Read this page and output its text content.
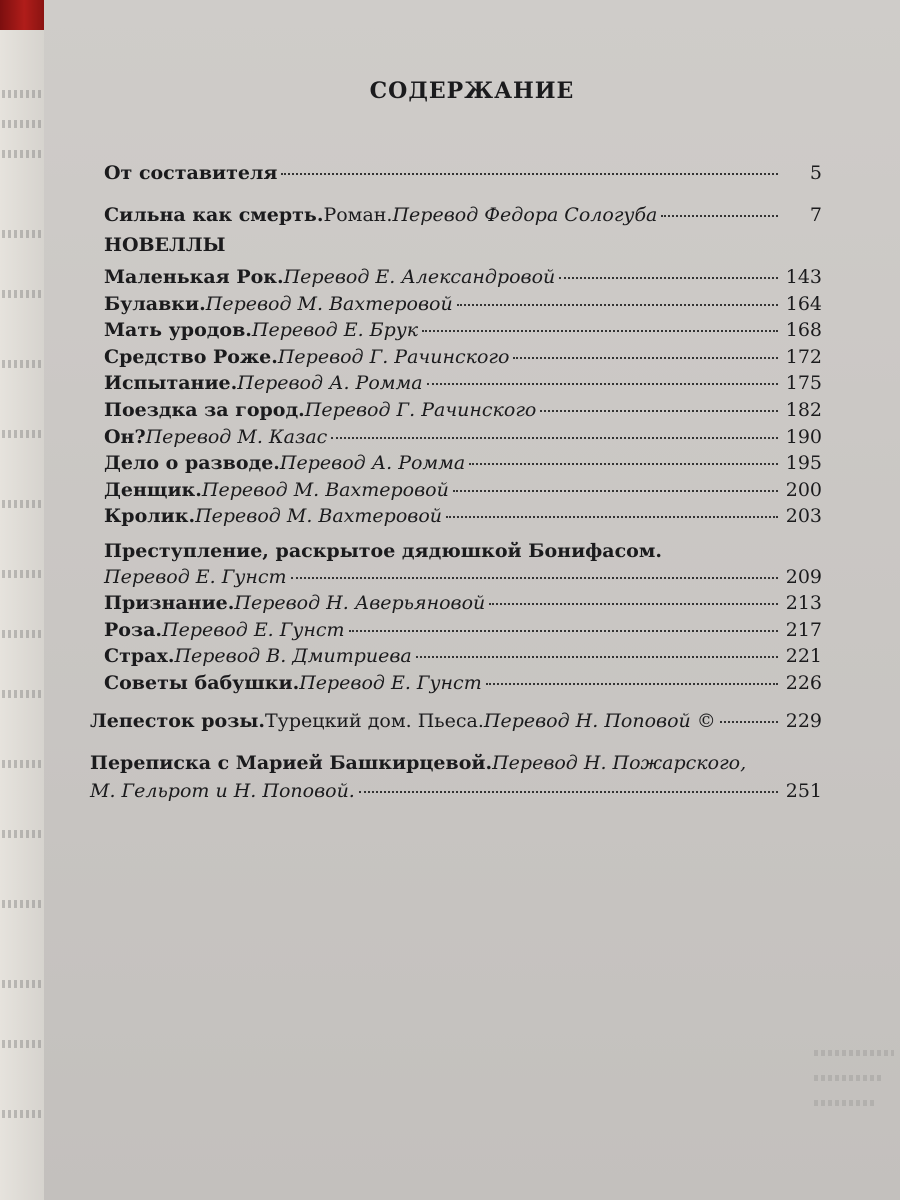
СОДЕРЖАНИЕ
От составителя	5
Сильна как смерть. Роман. Перевод Федора Сологуба	7
НОВЕЛЛЫ
Маленькая Рок. Перевод Е. Александровой	143
Булавки. Перевод М. Вахтеровой	164
Мать уродов. Перевод Е. Брук	168
Средство Роже. Перевод Г. Рачинского	172
Испытание. Перевод А. Ромма	175
Поездка за город. Перевод Г. Рачинского	182
Он? Перевод М. Казас	190
Дело о разводе. Перевод А. Ромма	195
Денщик. Перевод М. Вахтеровой	200
Кролик. Перевод М. Вахтеровой	203
Преступление, раскрытое дядюшкой Бонифасом.
Перевод Е. Гунст	209
Признание. Перевод Н. Аверьяновой	213
Роза. Перевод Е. Гунст	217
Страх. Перевод В. Дмитриева	221
Советы бабушки. Перевод Е. Гунст	226
Лепесток розы. Турецкий дом. Пьеса. Перевод Н. Поповой ©	229
Переписка с Марией Башкирцевой. Перевод Н. Пожарского,
М. Гельрот и Н. Поповой.	251
